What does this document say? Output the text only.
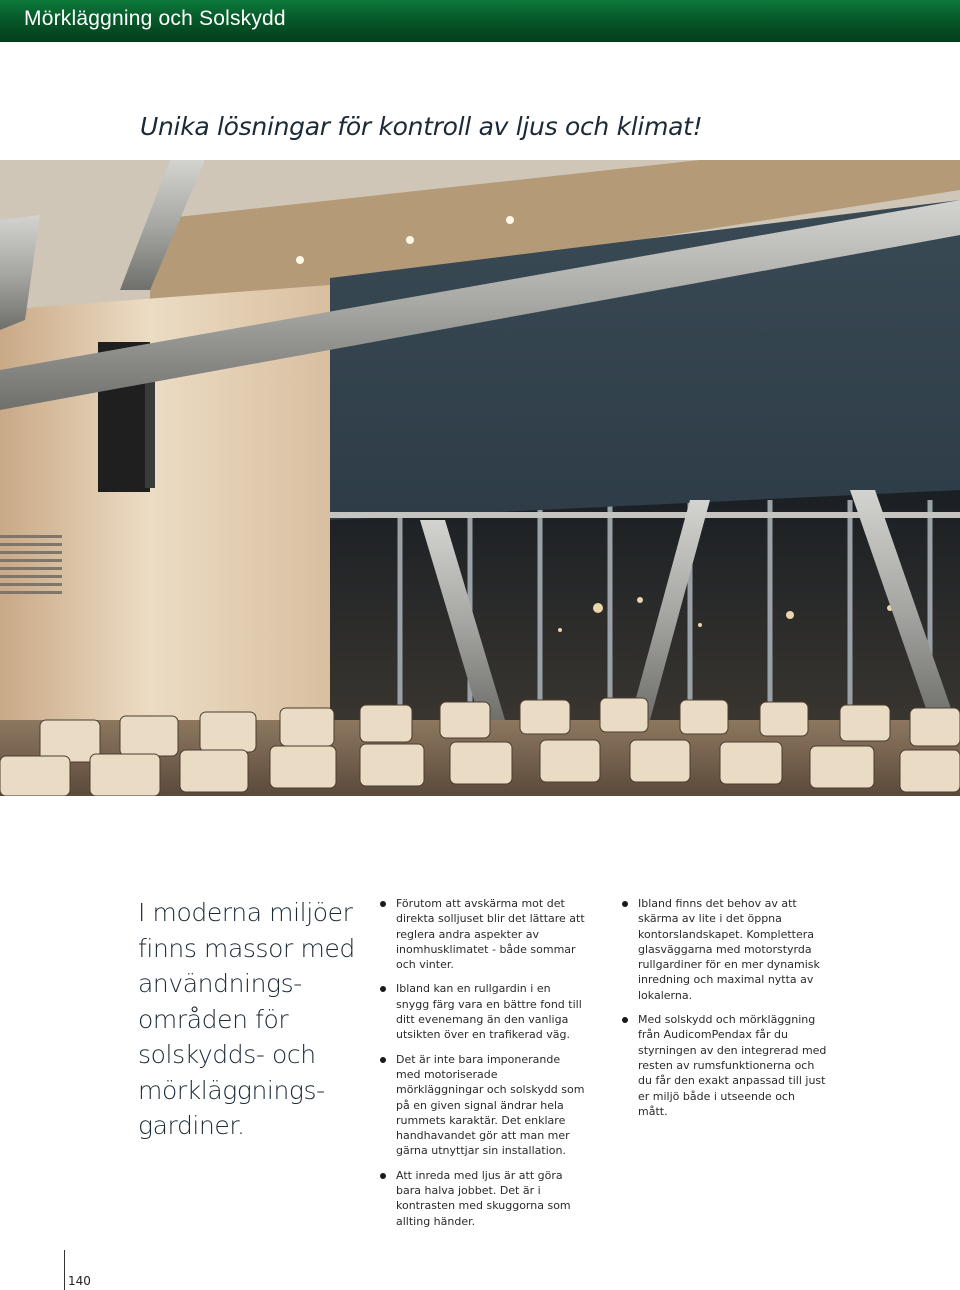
Mörkläggning och Solskydd
Unika lösningar för kontroll av ljus och klimat!
I moderna miljöer
finns massor med
användnings-
områden för
solskydds- och
mörkläggnings-
gardiner.
Förutom att avskärma mot det direkta solljuset blir det lättare att reglera andra aspekter av inomhusklimatet - både sommar och vinter.
Ibland kan en rullgardin i en snygg färg vara en bättre fond till ditt evenemang än den vanliga utsikten över en trafikerad väg.
Det är inte bara imponerande med motoriserade mörkläggningar och solskydd som på en given signal ändrar hela rummets karaktär. Det enklare handhavandet gör att man mer gärna utnyttjar sin installation.
Att inreda med ljus är att göra bara halva jobbet. Det är i kontrasten med skuggorna som allting händer.
Ibland finns det behov av att skärma av lite i det öppna kontorslandskapet. Komplettera glasväggarna med motorstyrda rullgardiner för en mer dynamisk inredning och maximal nytta av lokalerna.
Med solskydd och mörkläggning från AudicomPendax får du styrningen av den integrerad med resten av rumsfunktionerna och du får den exakt anpassad till just er miljö både i utseende och mått.
140
